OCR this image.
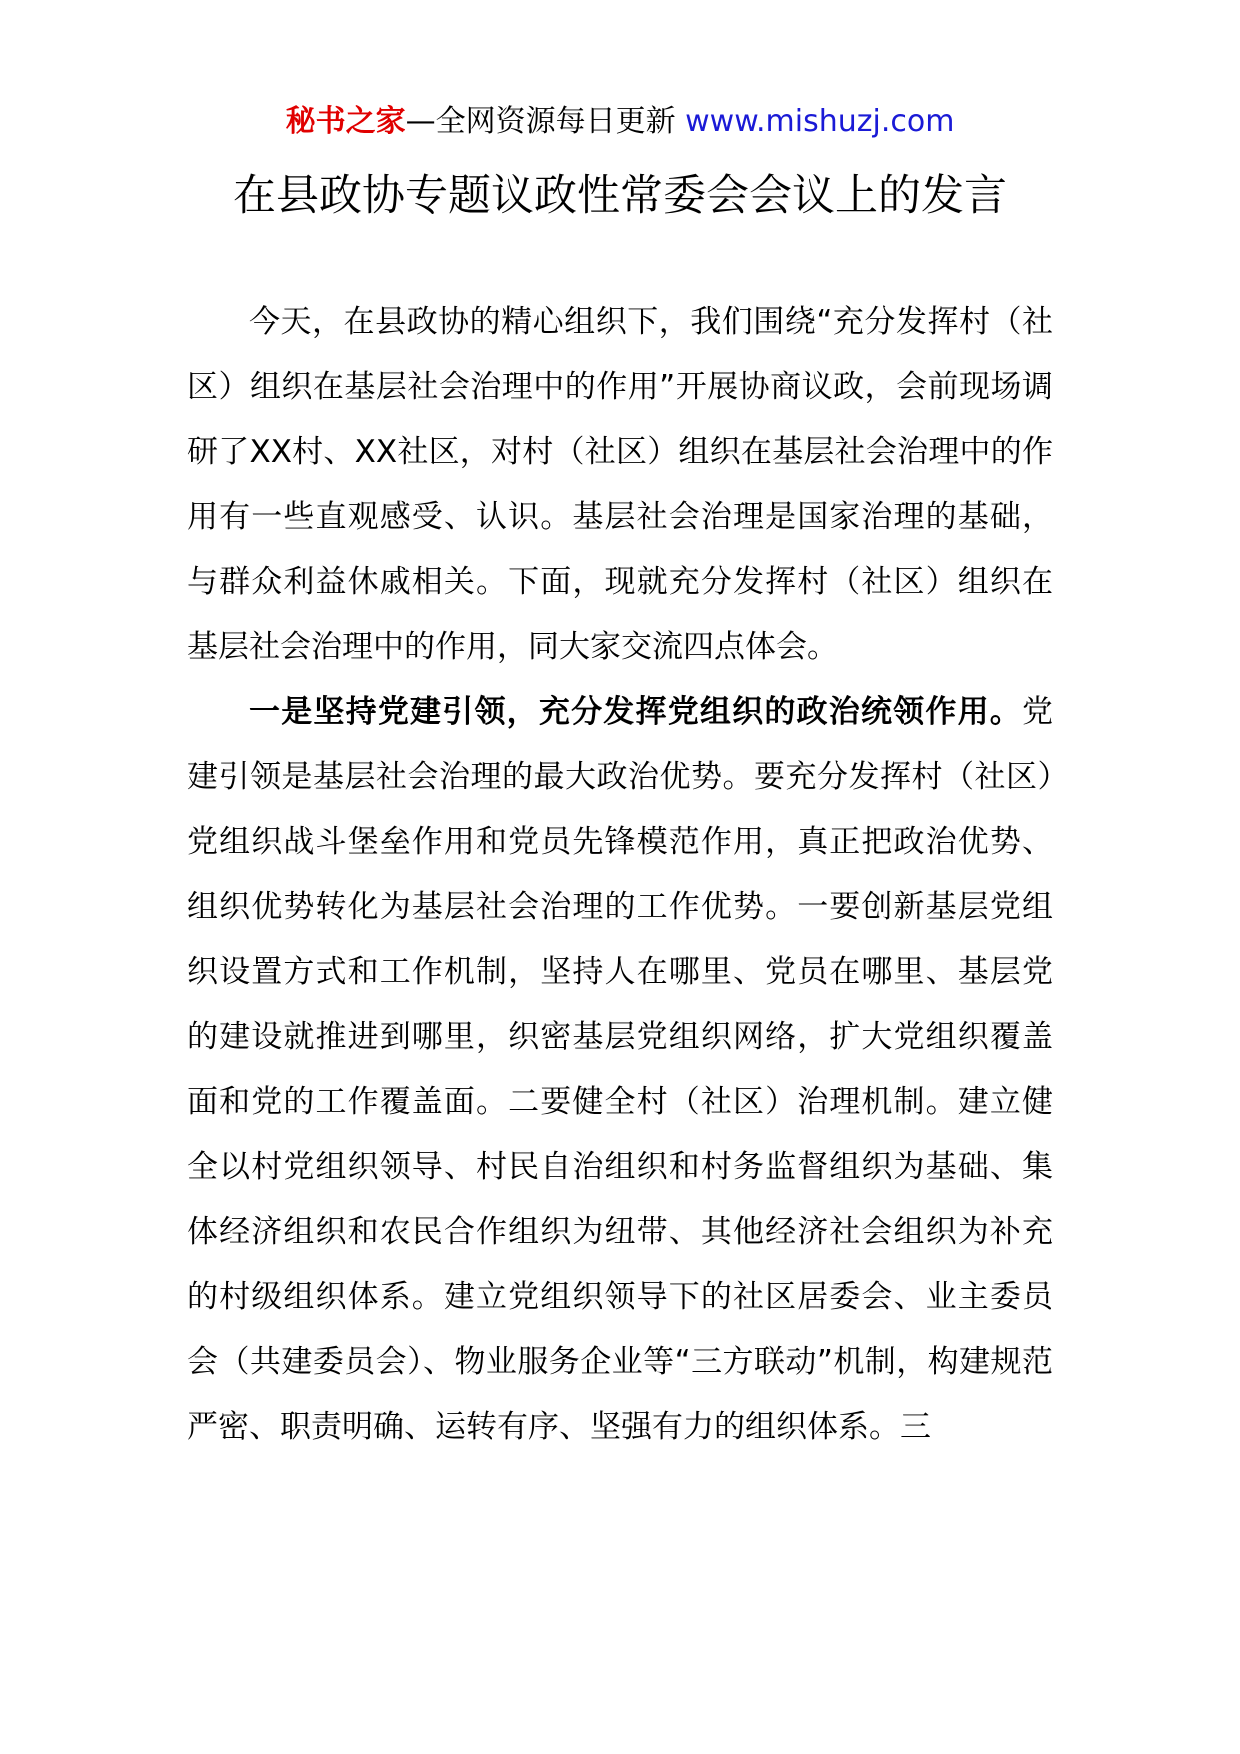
秘书之家—全网资源每日更新 www.mishuzj.com
在县政协专题议政性常委会会议上的发言

今天，在县政协的精心组织下，我们围绕“充分发挥村（社区）组织在基层社会治理中的作用”开展协商议政，会前现场调研了XX村、XX社区，对村（社区）组织在基层社会治理中的作用有一些直观感受、认识。基层社会治理是国家治理的基础，与群众利益休戚相关。下面，现就充分发挥村（社区）组织在基层社会治理中的作用，同大家交流四点体会。

一是坚持党建引领，充分发挥党组织的政治统领作用。党建引领是基层社会治理的最大政治优势。要充分发挥村（社区）党组织战斗堡垒作用和党员先锋模范作用，真正把政治优势、组织优势转化为基层社会治理的工作优势。一要创新基层党组织设置方式和工作机制，坚持人在哪里、党员在哪里、基层党的建设就推进到哪里，织密基层党组织网络，扩大党组织覆盖面和党的工作覆盖面。二要健全村（社区）治理机制。建立健全以村党组织领导、村民自治组织和村务监督组织为基础、集体经济组织和农民合作组织为纽带、其他经济社会组织为补充的村级组织体系。建立党组织领导下的社区居委会、业主委员会（共建委员会）、物业服务企业等“三方联动”机制，构建规范严密、职责明确、运转有序、坚强有力的组织体系。三
